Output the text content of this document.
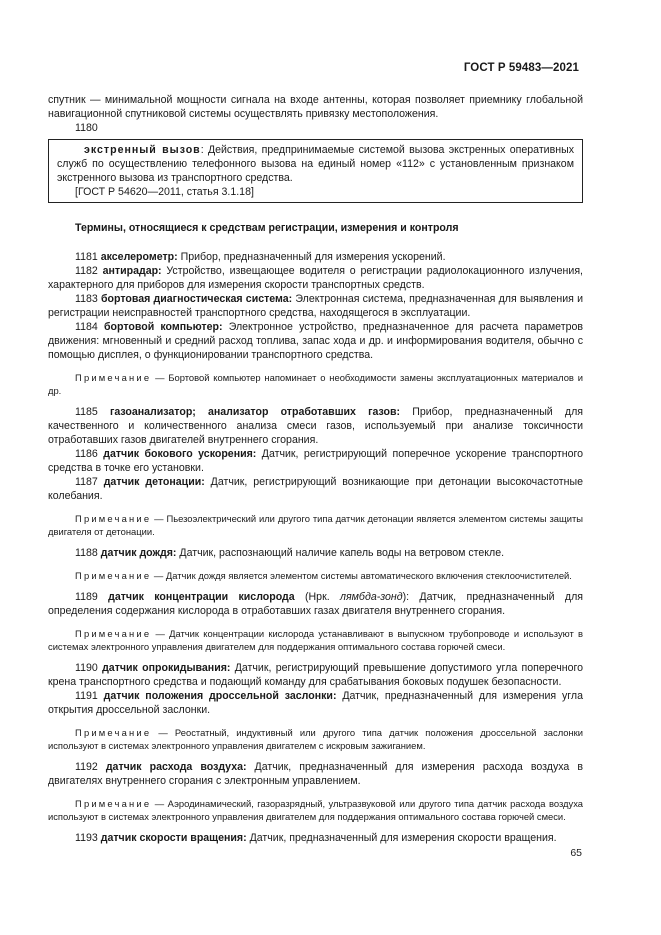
ГОСТ Р 59483—2021

спутник — минимальной мощности сигнала на входе антенны, которая позволяет приемнику глобальной навигационной спутниковой системы осуществлять привязку местоположения.

1180

экстренный вызов: Действия, предпринимаемые системой вызова экстренных оперативных служб по осуществлению телефонного вызова на единый номер «112» с установленным признаком экстренного вызова из транспортного средства.

[ГОСТ Р 54620—2011, статья 3.1.18]
Термины, относящиеся к средствам регистрации, измерения и контроля

1181 акселерометр: Прибор, предназначенный для измерения ускорений.

1182 антирадар: Устройство, извещающее водителя о регистрации радиолокационного излучения, характерного для приборов для измерения скорости транспортных средств.

1183 бортовая диагностическая система: Электронная система, предназначенная для выявления и регистрации неисправностей транспортного средства, находящегося в эксплуатации.

1184 бортовой компьютер: Электронное устройство, предназначенное для расчета параметров движения: мгновенный и средний расход топлива, запас хода и др. и информирования водителя, обычно с помощью дисплея, о функционировании транспортного средства.

Примечание — Бортовой компьютер напоминает о необходимости замены эксплуатационных материалов и др.

1185 газоанализатор; анализатор отработавших газов: Прибор, предназначенный для качественного и количественного анализа смеси газов, используемый при анализе токсичности отработавших газов двигателей внутреннего сгорания.

1186 датчик бокового ускорения: Датчик, регистрирующий поперечное ускорение транспортного средства в точке его установки.

1187 датчик детонации: Датчик, регистрирующий возникающие при детонации высокочастотные колебания.

Примечание — Пьезоэлектрический или другого типа датчик детонации является элементом системы защиты двигателя от детонации.

1188 датчик дождя: Датчик, распознающий наличие капель воды на ветровом стекле.

Примечание — Датчик дождя является элементом системы автоматического включения стеклоочистителей.

1189 датчик концентрации кислорода (Нрк. лямбда-зонд): Датчик, предназначенный для определения содержания кислорода в отработавших газах двигателя внутреннего сгорания.

Примечание — Датчик концентрации кислорода устанавливают в выпускном трубопроводе и используют в системах электронного управления двигателем для поддержания оптимального состава горючей смеси.

1190 датчик опрокидывания: Датчик, регистрирующий превышение допустимого угла поперечного крена транспортного средства и подающий команду для срабатывания боковых подушек безопасности.

1191 датчик положения дроссельной заслонки: Датчик, предназначенный для измерения угла открытия дроссельной заслонки.

Примечание — Реостатный, индуктивный или другого типа датчик положения дроссельной заслонки используют в системах электронного управления двигателем с искровым зажиганием.

1192 датчик расхода воздуха: Датчик, предназначенный для измерения расхода воздуха в двигателях внутреннего сгорания с электронным управлением.

Примечание — Аэродинамический, газоразрядный, ультразвуковой или другого типа датчик расхода воздуха используют в системах электронного управления двигателем для поддержания оптимального состава горючей смеси.

1193 датчик скорости вращения: Датчик, предназначенный для измерения скорости вращения.

65
